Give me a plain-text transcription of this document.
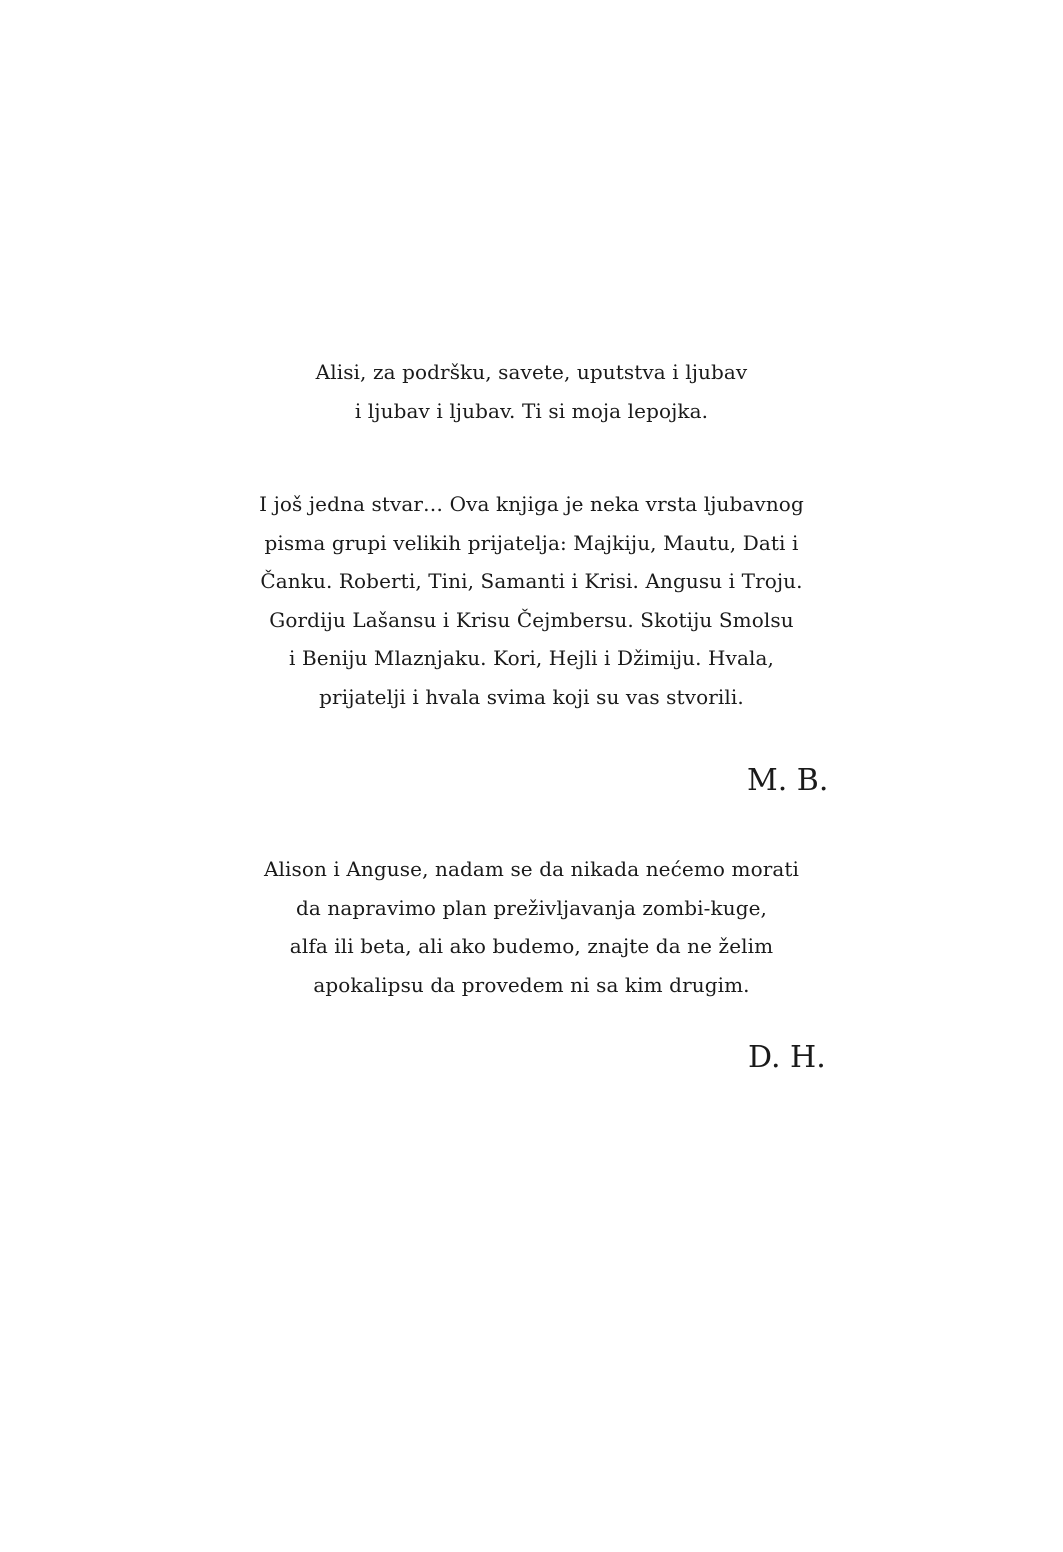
Alisi, za podršku, savete, uputstva i ljubav
i ljubav i ljubav. Ti si moja lepojka.
I još jedna stvar… Ova knjiga je neka vrsta ljubavnog
pisma grupi velikih prijatelja: Majkiju, Mautu, Dati i
Čanku. Roberti, Tini, Samanti i Krisi. Angusu i Troju.
Gordiju Lašansu i Krisu Čejmbersu. Skotiju Smolsu
i Beniju Mlaznjaku. Kori, Hejli i Džimiju. Hvala,
prijatelji i hvala svima koji su vas stvorili.
M. B.
Alison i Anguse, nadam se da nikada nećemo morati
da napravimo plan preživljavanja zombi-kuge,
alfa ili beta, ali ako budemo, znajte da ne želim
apokalipsu da provedem ni sa kim drugim.
D. H.
